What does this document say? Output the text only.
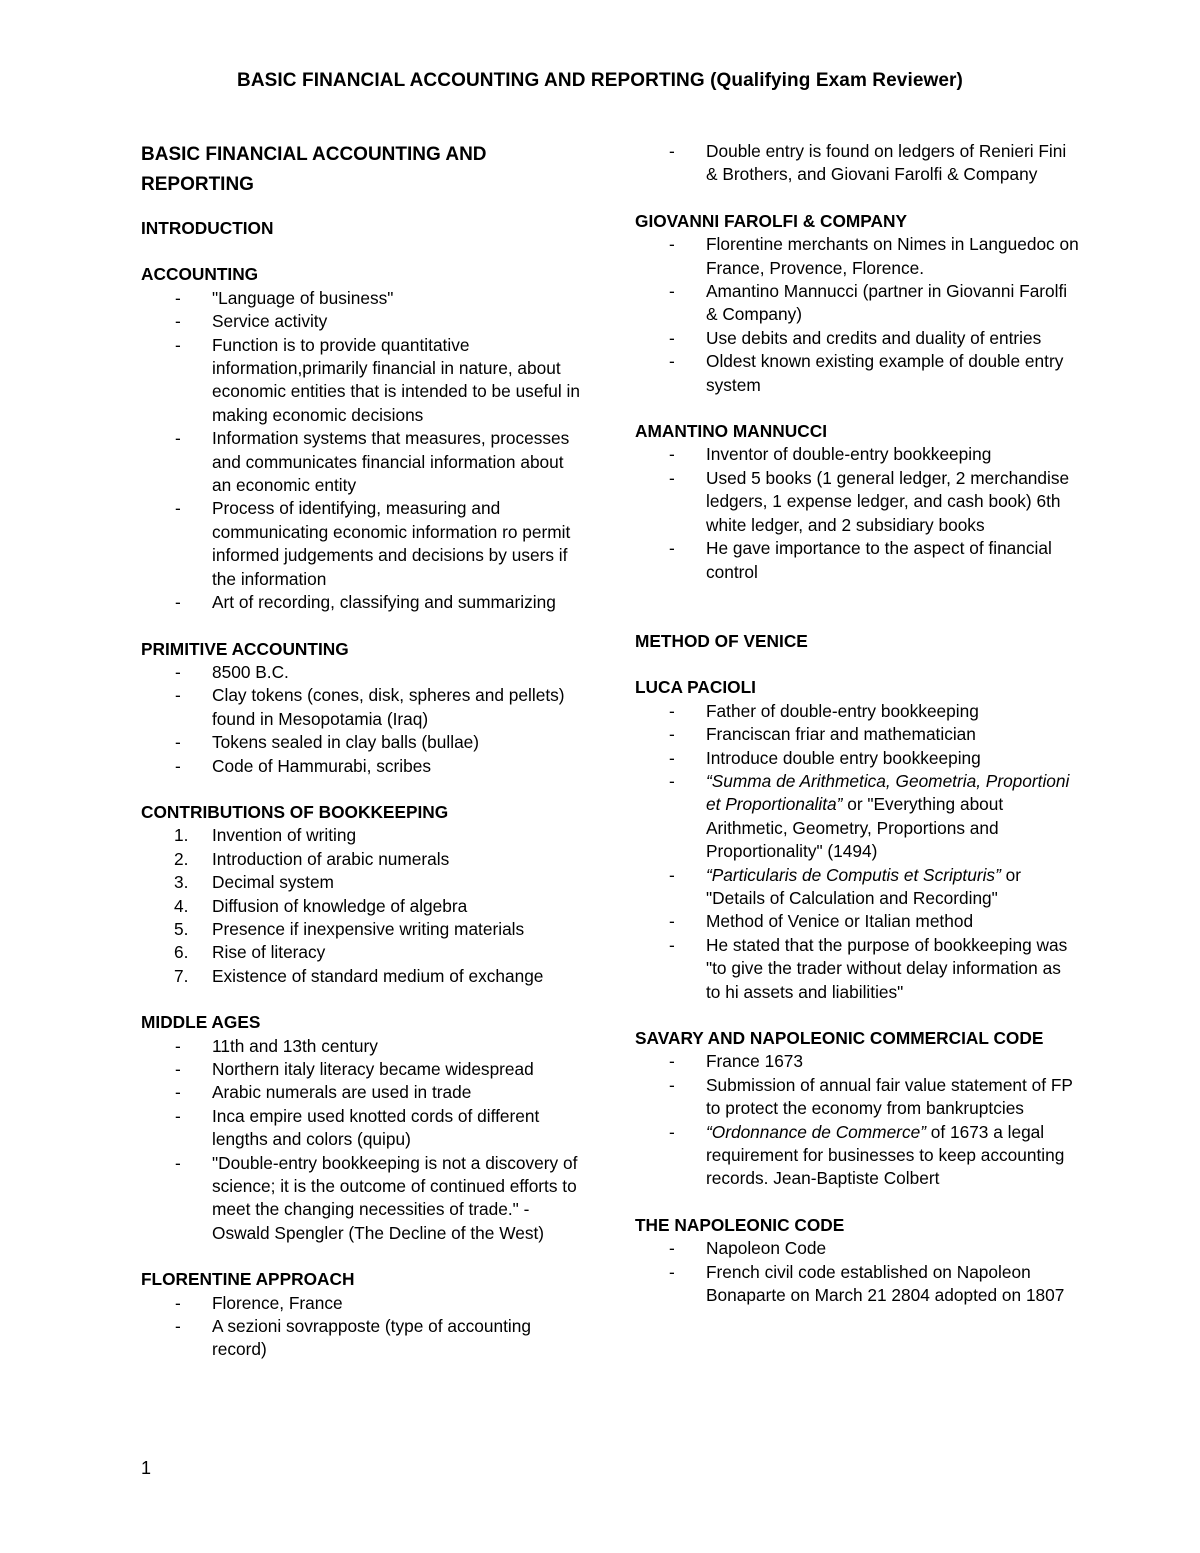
BASIC FINANCIAL ACCOUNTING AND REPORTING (Qualifying Exam Reviewer)
BASIC FINANCIAL ACCOUNTING AND REPORTING
INTRODUCTION
ACCOUNTING
- "Language of business"
- Service activity
- Function is to provide quantitative information,primarily financial in nature, about economic entities that is intended to be useful in making economic decisions
- Information systems that measures, processes and communicates financial information about an economic entity
- Process of identifying, measuring and communicating economic information ro permit informed judgements and decisions by users if the information
- Art of recording, classifying and summarizing
PRIMITIVE ACCOUNTING
- 8500 B.C.
- Clay tokens (cones, disk, spheres and pellets) found in Mesopotamia (Iraq)
- Tokens sealed in clay balls (bullae)
- Code of Hammurabi, scribes
CONTRIBUTIONS OF BOOKKEEPING
1. Invention of writing
2. Introduction of arabic numerals
3. Decimal system
4. Diffusion of knowledge of algebra
5. Presence if inexpensive writing materials
6. Rise of literacy
7. Existence of standard medium of exchange
MIDDLE AGES
- 11th and 13th century
- Northern italy literacy became widespread
- Arabic numerals are used in trade
- Inca empire used knotted cords of different lengths and colors (quipu)
- "Double-entry bookkeeping is not a discovery of science; it is the outcome of continued efforts to meet the changing necessities of trade." - Oswald Spengler (The Decline of the West)
FLORENTINE APPROACH
- Florence, France
- A sezioni sovrapposte (type of accounting record)
- Double entry is found on ledgers of Renieri Fini & Brothers, and Giovani Farolfi & Company
GIOVANNI FAROLFI & COMPANY
- Florentine merchants on Nimes in Languedoc on France, Provence, Florence.
- Amantino Mannucci (partner in Giovanni Farolfi & Company)
- Use debits and credits and duality of entries
- Oldest known existing example of double entry system
AMANTINO MANNUCCI
- Inventor of double-entry bookkeeping
- Used 5 books (1 general ledger, 2 merchandise ledgers, 1 expense ledger, and cash book) 6th white ledger, and 2 subsidiary books
- He gave importance to the aspect of financial control
METHOD OF VENICE
LUCA PACIOLI
- Father of double-entry bookkeeping
- Franciscan friar and mathematician
- Introduce double entry bookkeeping
- “Summa de Arithmetica, Geometria, Proportioni et Proportionalita” or "Everything about Arithmetic, Geometry, Proportions and Proportionality" (1494)
- “Particularis de Computis et Scripturis” or "Details of Calculation and Recording"
- Method of Venice or Italian method
- He stated that the purpose of bookkeeping was "to give the trader without delay information as to hi assets and liabilities"
SAVARY AND NAPOLEONIC COMMERCIAL CODE
- France 1673
- Submission of annual fair value statement of FP to protect the economy from bankruptcies
- “Ordonnance de Commerce” of 1673 a legal requirement for businesses to keep accounting records. Jean-Baptiste Colbert
THE NAPOLEONIC CODE
- Napoleon Code
- French civil code established on Napoleon Bonaparte on March 21 2804 adopted on 1807
1
